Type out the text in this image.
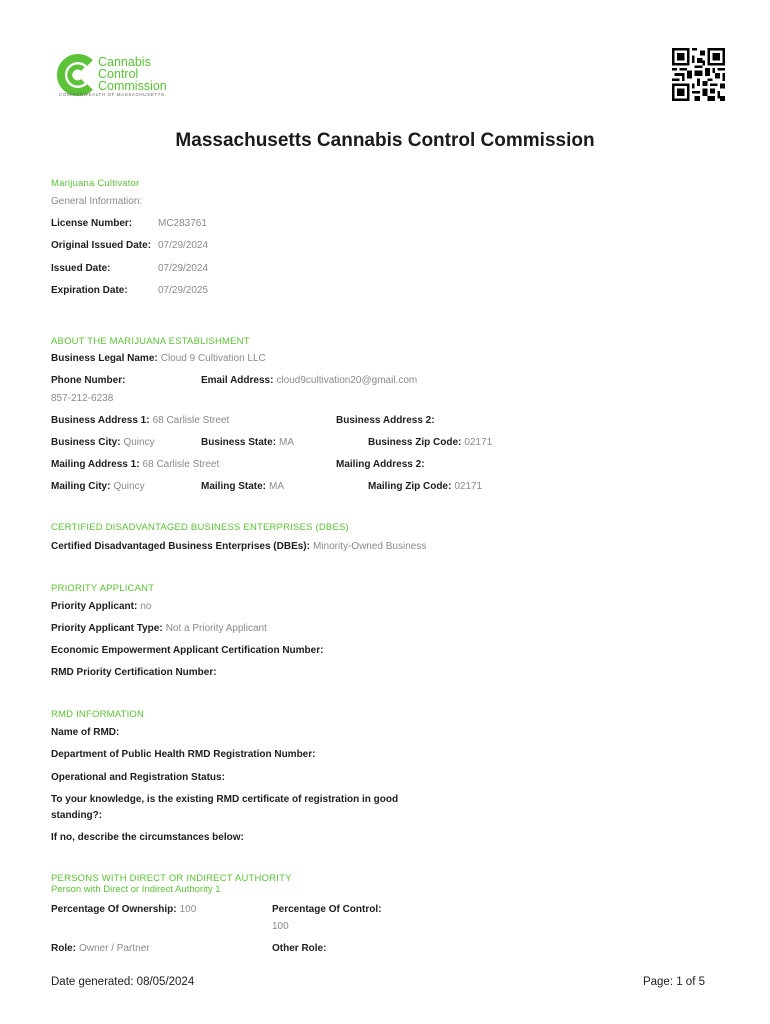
Cannabis
Control
Commission
COMMONWEALTH OF MASSACHUSETTS
Massachusetts Cannabis Control Commission
Marijuana Cultivator
General Information:
License Number:	MC283761
Original Issued Date: 07/29/2024
Issued Date:	07/29/2024
Expiration Date:	07/29/2025
ABOUT THE MARIJUANA ESTABLISHMENT
Business Legal Name: Cloud 9 Cultivation LLC
Phone Number:
857-212-6238
Email Address: cloud9cultivation20@gmail.com
Business Address 1: 68 Carlisle Street	Business Address 2:
Business City: Quincy	Business State: MA	Business Zip Code: 02171
Mailing Address 1: 68 Carlisle Street	Mailing Address 2:
Mailing City: Quincy	Mailing State: MA	Mailing Zip Code: 02171
CERTIFIED DISADVANTAGED BUSINESS ENTERPRISES (DBES)
Certified Disadvantaged Business Enterprises (DBEs): Minority-Owned Business
PRIORITY APPLICANT
Priority Applicant: no
Priority Applicant Type: Not a Priority Applicant
Economic Empowerment Applicant Certification Number:
RMD Priority Certification Number:
RMD INFORMATION
Name of RMD:
Department of Public Health RMD Registration Number:
Operational and Registration Status:
To your knowledge, is the existing RMD certificate of registration in good
standing?:
If no, describe the circumstances below:
PERSONS WITH DIRECT OR INDIRECT AUTHORITY
Person with Direct or Indirect Authority 1
Percentage Of Ownership: 100	Percentage Of Control:
100
Role: Owner / Partner	Other Role:
Date generated: 08/05/2024	Page: 1 of 5
